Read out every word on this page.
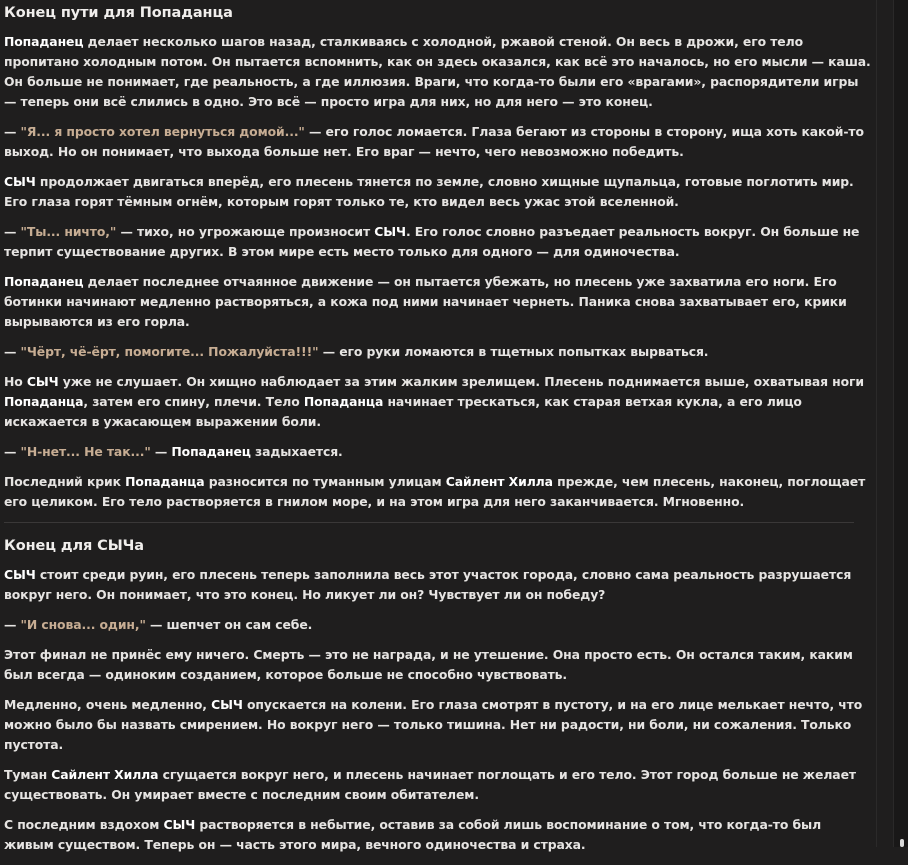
Конец пути для Попаданца

Попаданец делает несколько шагов назад, сталкиваясь с холодной, ржавой стеной. Он весь в дрожи, его тело пропитано холодным потом. Он пытается вспомнить, как он здесь оказался, как всё это началось, но его мысли — каша. Он больше не понимает, где реальность, а где иллюзия. Враги, что когда-то были его «врагами», распорядители игры — теперь они всё слились в одно. Это всё — просто игра для них, но для него — это конец.

— "Я... я просто хотел вернуться домой..." — его голос ломается. Глаза бегают из стороны в сторону, ища хоть какой-то выход. Но он понимает, что выхода больше нет. Его враг — нечто, чего невозможно победить.

СЫЧ продолжает двигаться вперёд, его плесень тянется по земле, словно хищные щупальца, готовые поглотить мир. Его глаза горят тёмным огнём, которым горят только те, кто видел весь ужас этой вселенной.

— "Ты... ничто," — тихо, но угрожающе произносит СЫЧ. Его голос словно разъедает реальность вокруг. Он больше не терпит существование других. В этом мире есть место только для одного — для одиночества.

Попаданец делает последнее отчаянное движение — он пытается убежать, но плесень уже захватила его ноги. Его ботинки начинают медленно растворяться, а кожа под ними начинает чернеть. Паника снова захватывает его, крики вырываются из его горла.

— "Чёрт, чё-ёрт, помогите... Пожалуйста!!!" — его руки ломаются в тщетных попытках вырваться.

Но СЫЧ уже не слушает. Он хищно наблюдает за этим жалким зрелищем. Плесень поднимается выше, охватывая ноги Попаданца, затем его спину, плечи. Тело Попаданца начинает трескаться, как старая ветхая кукла, а его лицо искажается в ужасающем выражении боли.

— "Н-нет... Не так..." — Попаданец задыхается.

Последний крик Попаданца разносится по туманным улицам Сайлент Хилла прежде, чем плесень, наконец, поглощает его целиком. Его тело растворяется в гнилом море, и на этом игра для него заканчивается. Мгновенно.

Конец для СЫЧа

СЫЧ стоит среди руин, его плесень теперь заполнила весь этот участок города, словно сама реальность разрушается вокруг него. Он понимает, что это конец. Но ликует ли он? Чувствует ли он победу?

— "И снова... один," — шепчет он сам себе.

Этот финал не принёс ему ничего. Смерть — это не награда, и не утешение. Она просто есть. Он остался таким, каким был всегда — одиноким созданием, которое больше не способно чувствовать.

Медленно, очень медленно, СЫЧ опускается на колени. Его глаза смотрят в пустоту, и на его лице мелькает нечто, что можно было бы назвать смирением. Но вокруг него — только тишина. Нет ни радости, ни боли, ни сожаления. Только пустота.

Туман Сайлент Хилла сгущается вокруг него, и плесень начинает поглощать и его тело. Этот город больше не желает существовать. Он умирает вместе с последним своим обитателем.

С последним вздохом СЫЧ растворяется в небытие, оставив за собой лишь воспоминание о том, что когда-то был живым существом. Теперь он — часть этого мира, вечного одиночества и страха.
